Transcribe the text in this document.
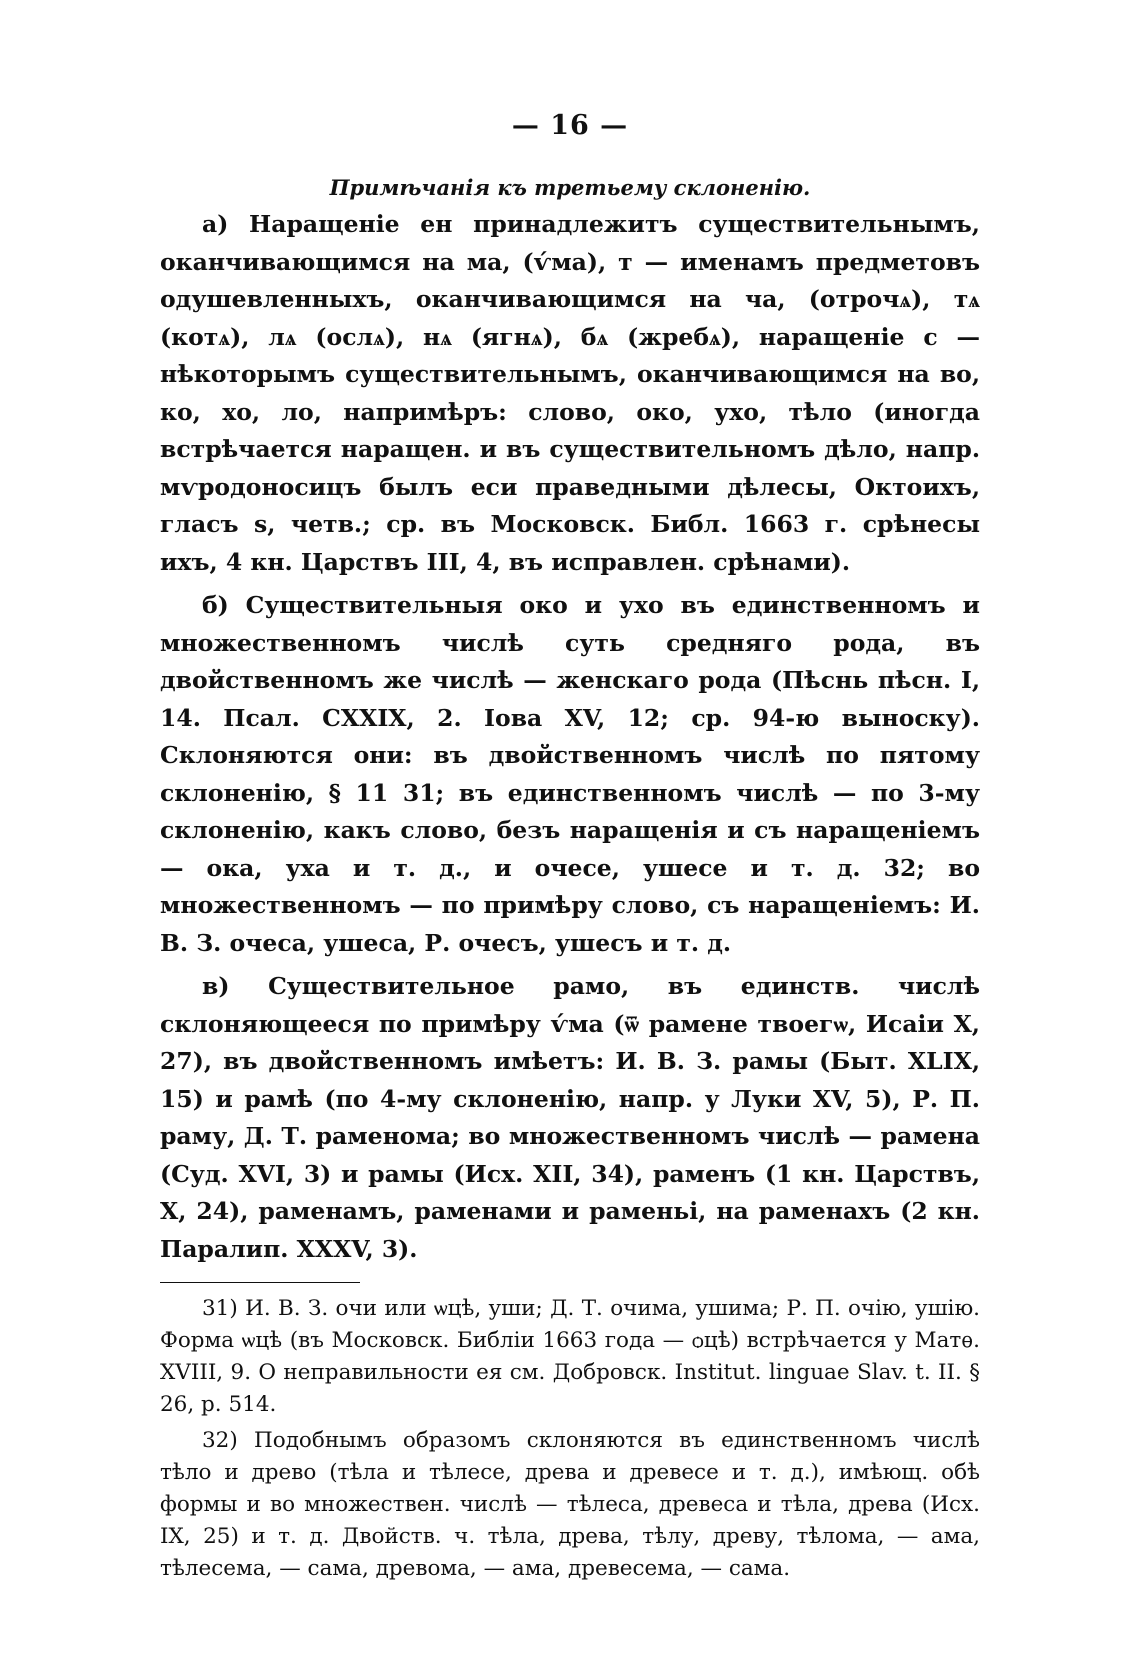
— 16 —
Примѣчанія къ третьему склоненію.

a) Наращеніе ен принадлежитъ существительнымъ, оканчивающимся на ма, (ѵ́ма), т — именамъ предметовъ одушевленныхъ, оканчивающимся на ча, (отрочѧ), тѧ (котѧ), лѧ (ослѧ), нѧ (ягнѧ), бѧ (жребѧ), наращеніе с — нѣкоторымъ существительнымъ, оканчивающимся на во, ко, хо, ло, напримѣръ: слово, око, ухо, тѣло (иногда встрѣчается наращен. и въ существительномъ дѣло, напр. мѵродоносицъ былъ еси праведными дѣлесы, Октоихъ, гласъ ѕ, четв.; ср. въ Московск. Библ. 1663 г. срѣнесы ихъ, 4 кн. Царствъ III, 4, въ исправлен. срѣнами).

б) Существительныя око и ухо въ единственномъ и множественномъ числѣ суть средняго рода, въ двойственномъ же числѣ — женскаго рода (Пѣснь пѣсн. I, 14. Псал. CXXIX, 2. Іова XV, 12; ср. 94-ю выноску). Склоняются они: въ двойственномъ числѣ по пятому склоненію, § 11 31; въ единственномъ числѣ — по 3-му склоненію, какъ слово, безъ наращенія и съ наращеніемъ — ока, уха и т. д., и очесе, ушесе и т. д. 32; во множественномъ — по примѣру слово, съ наращеніемъ: И. В. З. очеса, ушеса, Р. очесъ, ушесъ и т. д.

в) Существительное рамо, въ единств. числѣ склоняющееся по примѣру ѵ́ма (ѿ рамене твоегѡ, Исаіи X, 27), въ двойственномъ имѣетъ: И. В. З. рамы (Быт. XLIX, 15) и рамѣ (по 4-му склоненію, напр. у Луки XV, 5), Р. П. раму, Д. Т. раменома; во множественномъ числѣ — рамена (Суд. XVI, 3) и рамы (Исх. XII, 34), раменъ (1 кн. Царствъ, X, 24), раменамъ, раменами и раменьі, на раменахъ (2 кн. Паралип. XXXV, 3).

31) И. В. З. очи или ѡцѣ, уши; Д. Т. очима, ушима; Р. П. очію, ушію. Форма ѡцѣ (въ Московск. Библіи 1663 года — ѻцѣ) встрѣчается у Матѳ. XVIII, 9. О неправильности ея см. Добровск. Institut. linguae Slav. t. II. § 26, p. 514.

32) Подобнымъ образомъ склоняются въ единственномъ числѣ тѣло и древо (тѣла и тѣлесе, древа и древесе и т. д.), имѣющ. обѣ формы и во множествен. числѣ — тѣлеса, древеса и тѣла, древа (Исх. IX, 25) и т. д. Двойств. ч. тѣла, древа, тѣлу, древу, тѣлома, — ама, тѣлесема, — сама, древома, — ама, древесема, — сама.
